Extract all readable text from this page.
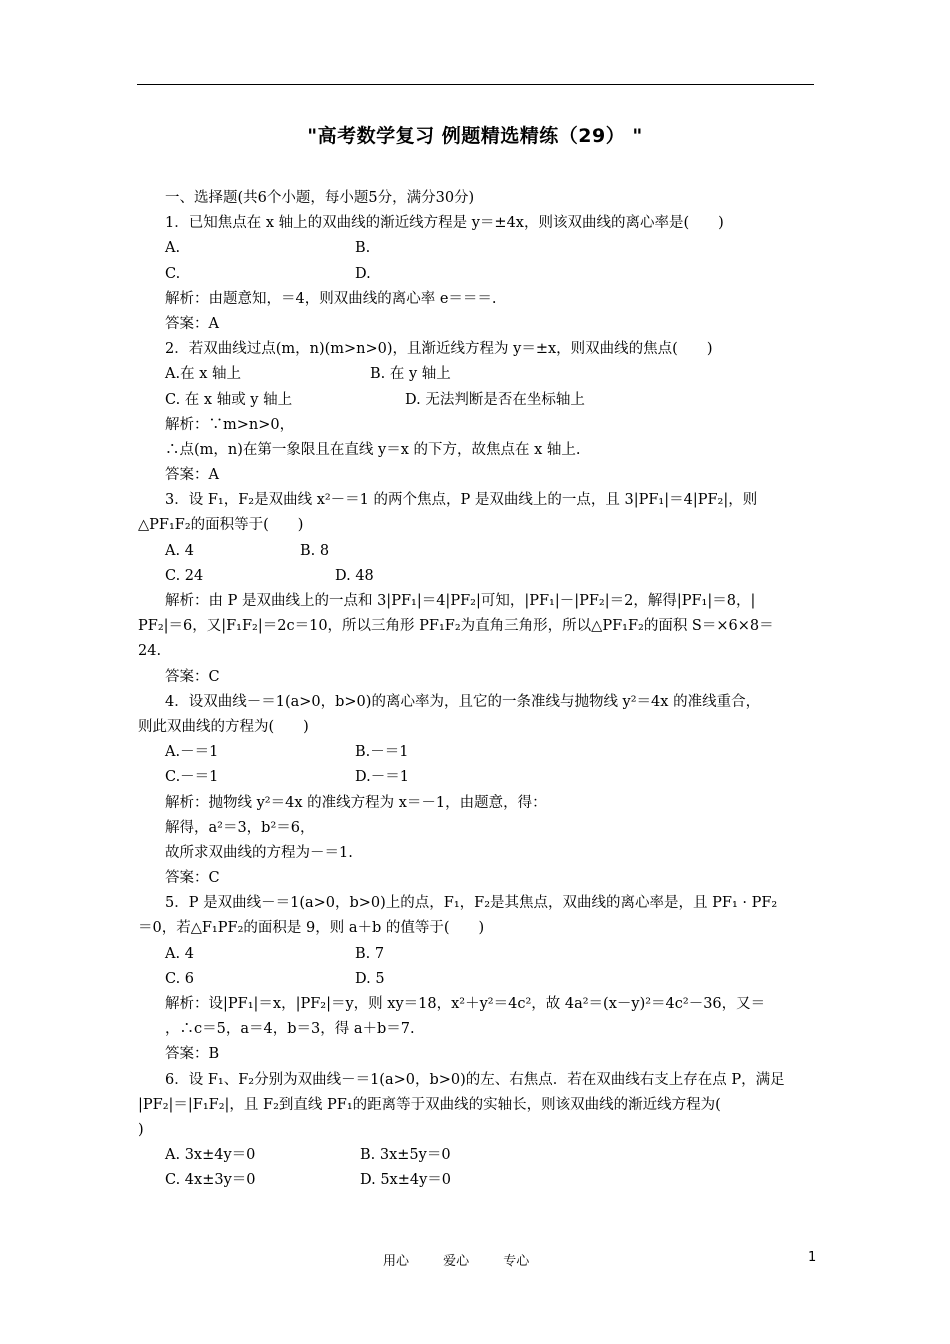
"高考数学复习 例题精选精练（29） "
一、选择题(共6个小题，每小题5分，满分30分)
1．已知焦点在 x 轴上的双曲线的渐近线方程是 y＝±4x，则该双曲线的离心率是(　　)
A.	B.
C.	D.
解析：由题意知，＝4，则双曲线的离心率 e＝＝＝.
答案：A
2．若双曲线过点(m，n)(m>n>0)，且渐近线方程为 y＝±x，则双曲线的焦点(　　)
A.在 x 轴上	B. 在 y 轴上
C. 在 x 轴或 y 轴上	D. 无法判断是否在坐标轴上
解析：∵m>n>0，
∴点(m，n)在第一象限且在直线 y＝x 的下方，故焦点在 x 轴上.
答案：A
3．设 F₁，F₂是双曲线 x²－＝1 的两个焦点，P 是双曲线上的一点，且 3|PF₁|＝4|PF₂|，则
△PF₁F₂的面积等于(　　)
A. 4	B. 8
C. 24	D. 48
解析：由 P 是双曲线上的一点和 3|PF₁|＝4|PF₂|可知，|PF₁|－|PF₂|＝2，解得|PF₁|＝8，|
PF₂|＝6，又|F₁F₂|＝2c＝10，所以三角形 PF₁F₂为直角三角形，所以△PF₁F₂的面积 S＝×6×8＝
24.
答案：C
4．设双曲线－＝1(a>0，b>0)的离心率为，且它的一条准线与抛物线 y²＝4x 的准线重合，
则此双曲线的方程为(　　)
A.－＝1	B.－＝1
C.－＝1	D.－＝1
解析：抛物线 y²＝4x 的准线方程为 x＝－1，由题意，得：
解得，a²＝3，b²＝6，
故所求双曲线的方程为－＝1.
答案：C
5．P 是双曲线－＝1(a>0，b>0)上的点，F₁，F₂是其焦点，双曲线的离心率是，且 PF₁ · PF₂
＝0，若△F₁PF₂的面积是 9，则 a＋b 的值等于(　　)
A. 4	B. 7
C. 6	D. 5
解析：设|PF₁|＝x，|PF₂|＝y，则 xy＝18，x²＋y²＝4c²，故 4a²＝(x－y)²＝4c²－36，又＝
，∴c＝5，a＝4，b＝3，得 a＋b＝7.
答案：B
6．设 F₁、F₂分别为双曲线－＝1(a>0，b>0)的左、右焦点．若在双曲线右支上存在点 P，满足
|PF₂|＝|F₁F₂|，且 F₂到直线 PF₁的距离等于双曲线的实轴长，则该双曲线的渐近线方程为(
)
A. 3x±4y＝0	B. 3x±5y＝0
C. 4x±3y＝0	D. 5x±4y＝0
用心 爱心 专心	1
